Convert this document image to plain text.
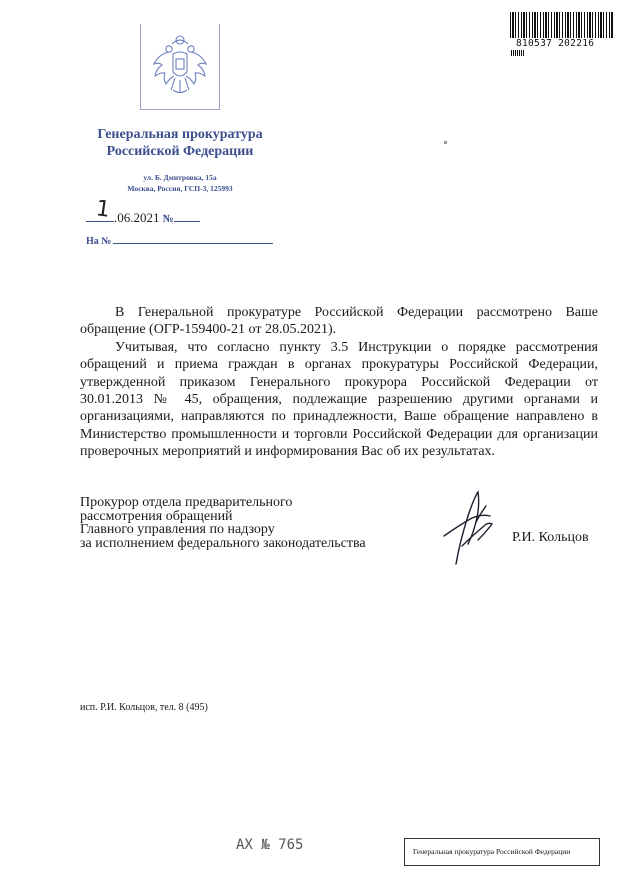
Генеральная прокуратура
Российской Федерации
ул. Б. Дмитровка, 15а
Москва, Россия, ГСП-3, 125993
1 .06.2021 №
На №
810537 202216

В Генеральной прокуратуре Российской Федерации рассмотрено Ваше обращение (ОГР-159400-21 от 28.05.2021).

Учитывая, что согласно пункту 3.5 Инструкции о порядке рассмотрения обращений и приема граждан в органах прокуратуры Российской Федерации, утвержденной приказом Генерального прокурора Российской Федерации от 30.01.2013 № 45, обращения, подлежащие разрешению другими органами и организациями, направляются по принадлежности, Ваше обращение направлено в Министерство промышленности и торговли Российской Федерации для организации проверочных мероприятий и информирования Вас об их результатах.

Прокурор отдела предварительного
рассмотрения обращений
Главного управления по надзору
за исполнением федерального законодательства	Р.И. Кольцов
исп. Р.И. Кольцов, тел. 8 (495)
АХ № 765	Генеральная прокуратура Российской Федерации
